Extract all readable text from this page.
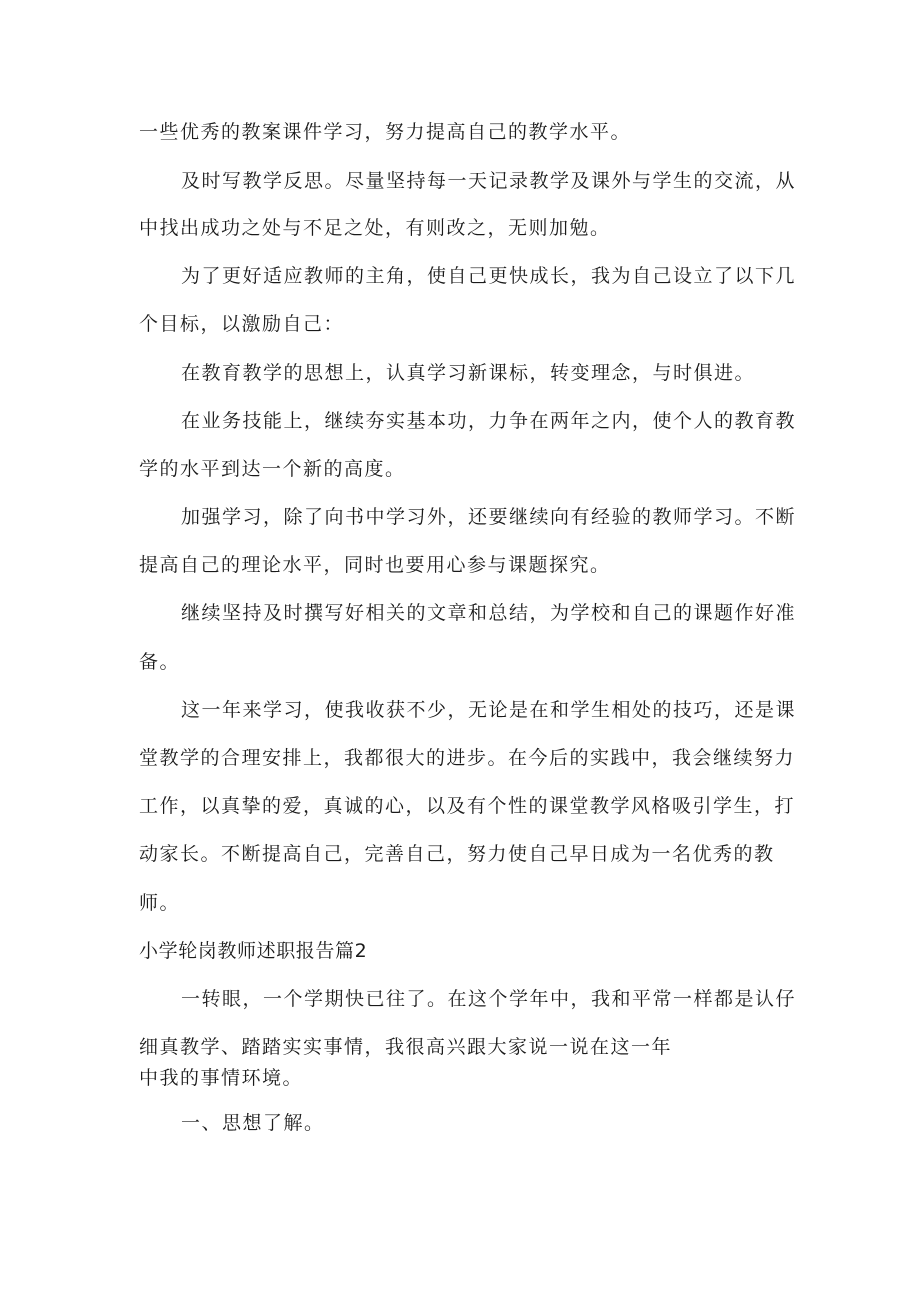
一些优秀的教案课件学习，努力提高自己的教学水平。
及时写教学反思。尽量坚持每一天记录教学及课外与学生的交流，从
中找出成功之处与不足之处，有则改之，无则加勉。
为了更好适应教师的主角，使自己更快成长，我为自己设立了以下几
个目标，以激励自己：
在教育教学的思想上，认真学习新课标，转变理念，与时俱进。
在业务技能上，继续夯实基本功，力争在两年之内，使个人的教育教
学的水平到达一个新的高度。
加强学习，除了向书中学习外，还要继续向有经验的教师学习。不断
提高自己的理论水平，同时也要用心参与课题探究。
继续坚持及时撰写好相关的文章和总结，为学校和自己的课题作好准
备。
这一年来学习，使我收获不少，无论是在和学生相处的技巧，还是课
堂教学的合理安排上，我都很大的进步。在今后的实践中，我会继续努力
工作，以真挚的爱，真诚的心，以及有个性的课堂教学风格吸引学生，打
动家长。不断提高自己，完善自己，努力使自己早日成为一名优秀的教
师。
小学轮岗教师述职报告篇2
一转眼，一个学期快已往了。在这个学年中，我和平常一样都是认仔
细真教学、踏踏实实事情，我很高兴跟大家说一说在这一年
中我的事情环境。
一、思想了解。
